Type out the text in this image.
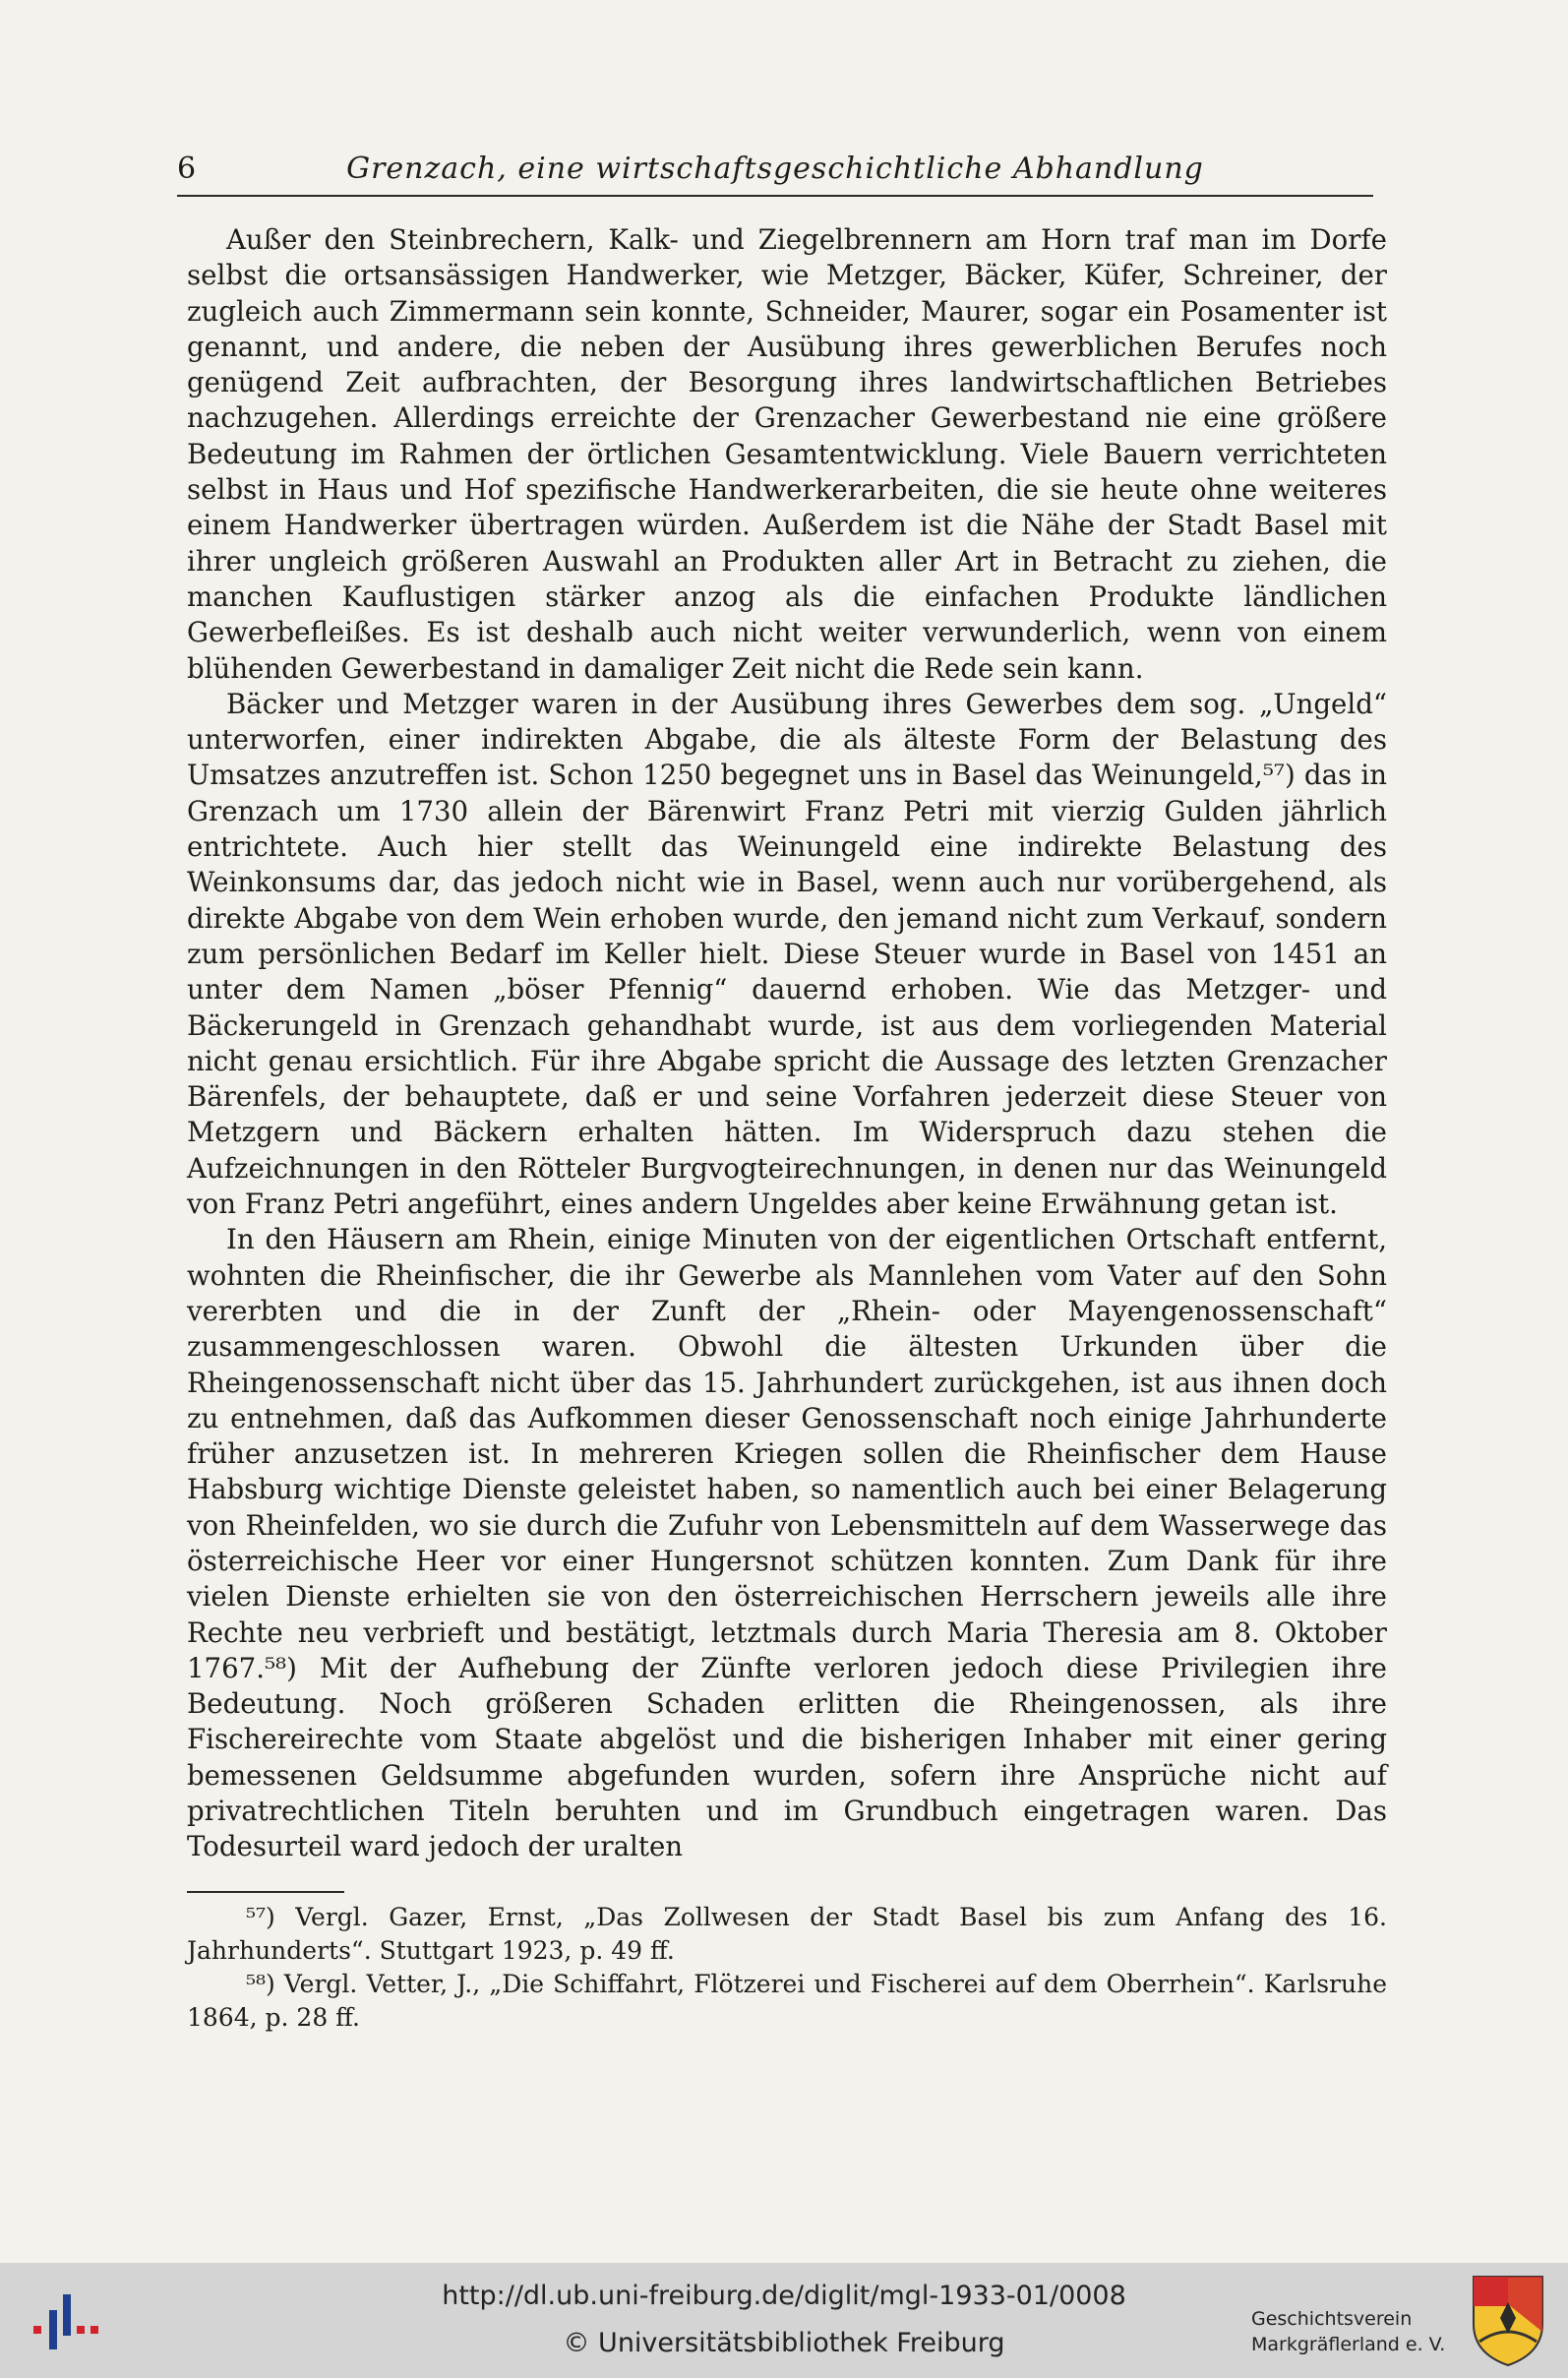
6	Grenzach, eine wirtschaftsgeschichtliche Abhandlung

Außer den Steinbrechern, Kalk- und Ziegelbrennern am Horn traf man im Dorfe selbst die ortsansässigen Handwerker, wie Metzger, Bäcker, Küfer, Schreiner, der zugleich auch Zimmermann sein konnte, Schneider, Maurer, sogar ein Posamenter ist genannt, und andere, die neben der Ausübung ihres gewerblichen Berufes noch genügend Zeit aufbrachten, der Besorgung ihres landwirtschaftlichen Betriebes nachzugehen. Allerdings erreichte der Grenzacher Gewerbestand nie eine größere Bedeutung im Rahmen der örtlichen Gesamtentwicklung. Viele Bauern verrichteten selbst in Haus und Hof spezifische Handwerkerarbeiten, die sie heute ohne weiteres einem Handwerker übertragen würden. Außerdem ist die Nähe der Stadt Basel mit ihrer ungleich größeren Auswahl an Produkten aller Art in Betracht zu ziehen, die manchen Kauflustigen stärker anzog als die einfachen Produkte ländlichen Gewerbefleißes. Es ist deshalb auch nicht weiter verwunderlich, wenn von einem blühenden Gewerbestand in damaliger Zeit nicht die Rede sein kann.

Bäcker und Metzger waren in der Ausübung ihres Gewerbes dem sog. „Ungeld“ unterworfen, einer indirekten Abgabe, die als älteste Form der Belastung des Umsatzes anzutreffen ist. Schon 1250 begegnet uns in Basel das Weinungeld,⁵⁷) das in Grenzach um 1730 allein der Bärenwirt Franz Petri mit vierzig Gulden jährlich entrichtete. Auch hier stellt das Weinungeld eine indirekte Belastung des Weinkonsums dar, das jedoch nicht wie in Basel, wenn auch nur vorübergehend, als direkte Abgabe von dem Wein erhoben wurde, den jemand nicht zum Verkauf, sondern zum persönlichen Bedarf im Keller hielt. Diese Steuer wurde in Basel von 1451 an unter dem Namen „böser Pfennig“ dauernd erhoben. Wie das Metzger- und Bäckerungeld in Grenzach gehandhabt wurde, ist aus dem vorliegenden Material nicht genau ersichtlich. Für ihre Abgabe spricht die Aussage des letzten Grenzacher Bärenfels, der behauptete, daß er und seine Vorfahren jederzeit diese Steuer von Metzgern und Bäckern erhalten hätten. Im Widerspruch dazu stehen die Aufzeichnungen in den Rötteler Burgvogteirechnungen, in denen nur das Weinungeld von Franz Petri angeführt, eines andern Ungeldes aber keine Erwähnung getan ist.

In den Häusern am Rhein, einige Minuten von der eigentlichen Ortschaft entfernt, wohnten die Rheinfischer, die ihr Gewerbe als Mannlehen vom Vater auf den Sohn vererbten und die in der Zunft der „Rhein- oder Mayengenossenschaft“ zusammengeschlossen waren. Obwohl die ältesten Urkunden über die Rheingenossenschaft nicht über das 15. Jahrhundert zurückgehen, ist aus ihnen doch zu entnehmen, daß das Aufkommen dieser Genossenschaft noch einige Jahrhunderte früher anzusetzen ist. In mehreren Kriegen sollen die Rheinfischer dem Hause Habsburg wichtige Dienste geleistet haben, so namentlich auch bei einer Belagerung von Rheinfelden, wo sie durch die Zufuhr von Lebensmitteln auf dem Wasserwege das österreichische Heer vor einer Hungersnot schützen konnten. Zum Dank für ihre vielen Dienste erhielten sie von den österreichischen Herrschern jeweils alle ihre Rechte neu verbrieft und bestätigt, letztmals durch Maria Theresia am 8. Oktober 1767.⁵⁸) Mit der Aufhebung der Zünfte verloren jedoch diese Privilegien ihre Bedeutung. Noch größeren Schaden erlitten die Rheingenossen, als ihre Fischereirechte vom Staate abgelöst und die bisherigen Inhaber mit einer gering bemessenen Geldsumme abgefunden wurden, sofern ihre Ansprüche nicht auf privatrechtlichen Titeln beruhten und im Grundbuch eingetragen waren. Das Todesurteil ward jedoch der uralten

⁵⁷) Vergl. Gazer, Ernst, „Das Zollwesen der Stadt Basel bis zum Anfang des 16. Jahrhunderts“. Stuttgart 1923, p. 49 ff.

⁵⁸) Vergl. Vetter, J., „Die Schiffahrt, Flötzerei und Fischerei auf dem Oberrhein“. Karlsruhe 1864, p. 28 ff.

http://dl.ub.uni-freiburg.de/diglit/mgl-1933-01/0008
© Universitätsbibliothek Freiburg
Geschichtsverein
Markgräflerland e. V.
